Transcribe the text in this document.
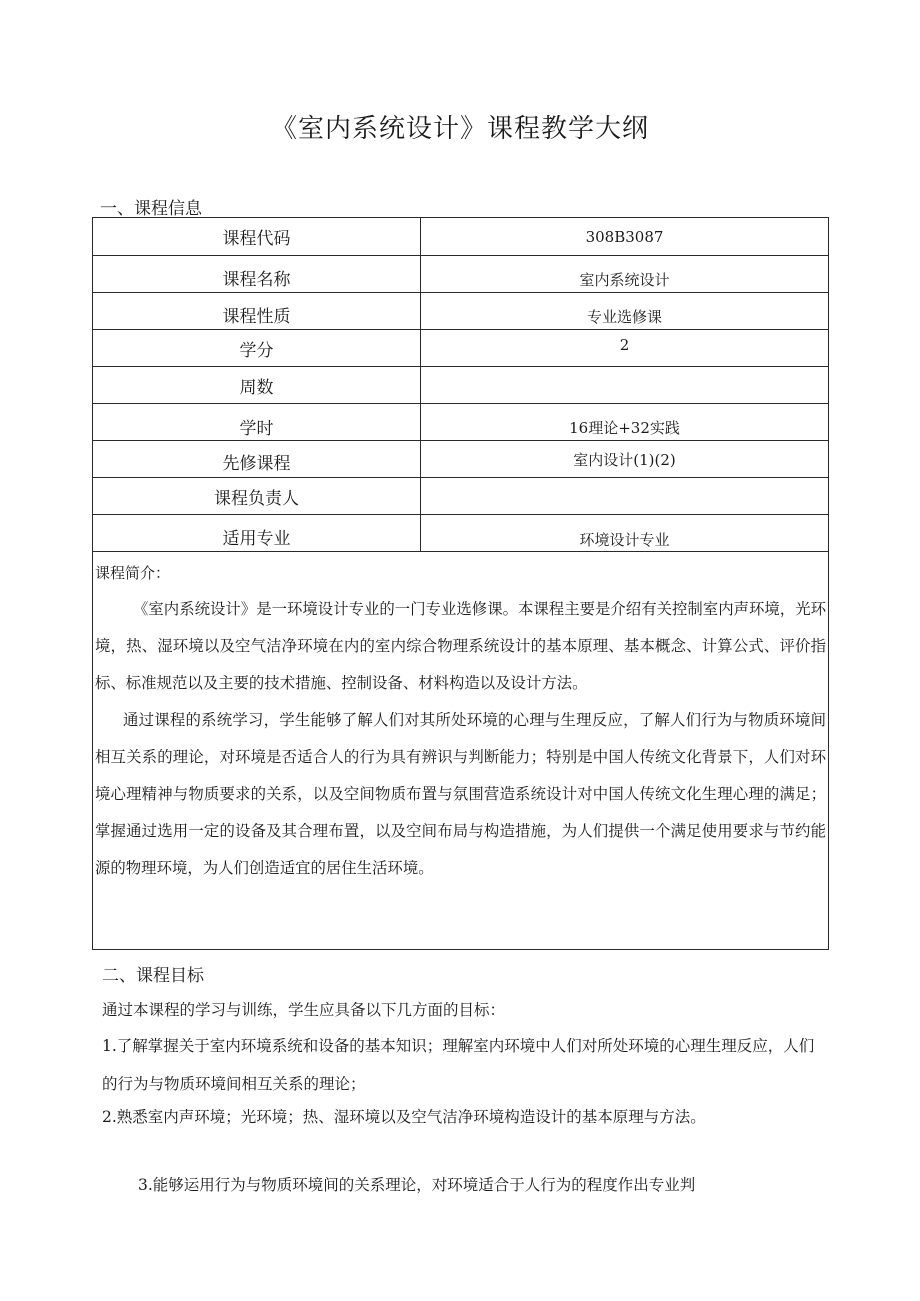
《室内系统设计》课程教学大纲
一、课程信息
课程代码	308B3087
课程名称	室内系统设计
课程性质	专业选修课
学分	2
周数	
学时	16理论+32实践
先修课程	室内设计(1)(2)
课程负责人	
适用专业	环境设计专业

课程简介：

《室内系统设计》是一环境设计专业的一门专业选修课。本课程主要是介绍有关控制室内声环境，光环境，热、湿环境以及空气洁净环境在内的室内综合物理系统设计的基本原理、基本概念、计算公式、评价指标、标准规范以及主要的技术措施、控制设备、材料构造以及设计方法。

通过课程的系统学习，学生能够了解人们对其所处环境的心理与生理反应，了解人们行为与物质环境间相互关系的理论，对环境是否适合人的行为具有辨识与判断能力；特别是中国人传统文化背景下，人们对环境心理精神与物质要求的关系，以及空间物质布置与氛围营造系统设计对中国人传统文化生理心理的满足；掌握通过选用一定的设备及其合理布置，以及空间布局与构造措施，为人们提供一个满足使用要求与节约能源的物理环境，为人们创造适宜的居住生活环境。	

二、课程目标

通过本课程的学习与训练，学生应具备以下几方面的目标：

1.了解掌握关于室内环境系统和设备的基本知识；理解室内环境中人们对所处环境的心理生理反应，人们的行为与物质环境间相互关系的理论；

2.熟悉室内声环境；光环境；热、湿环境以及空气洁净环境构造设计的基本原理与方法。

3.能够运用行为与物质环境间的关系理论，对环境适合于人行为的程度作出专业判
